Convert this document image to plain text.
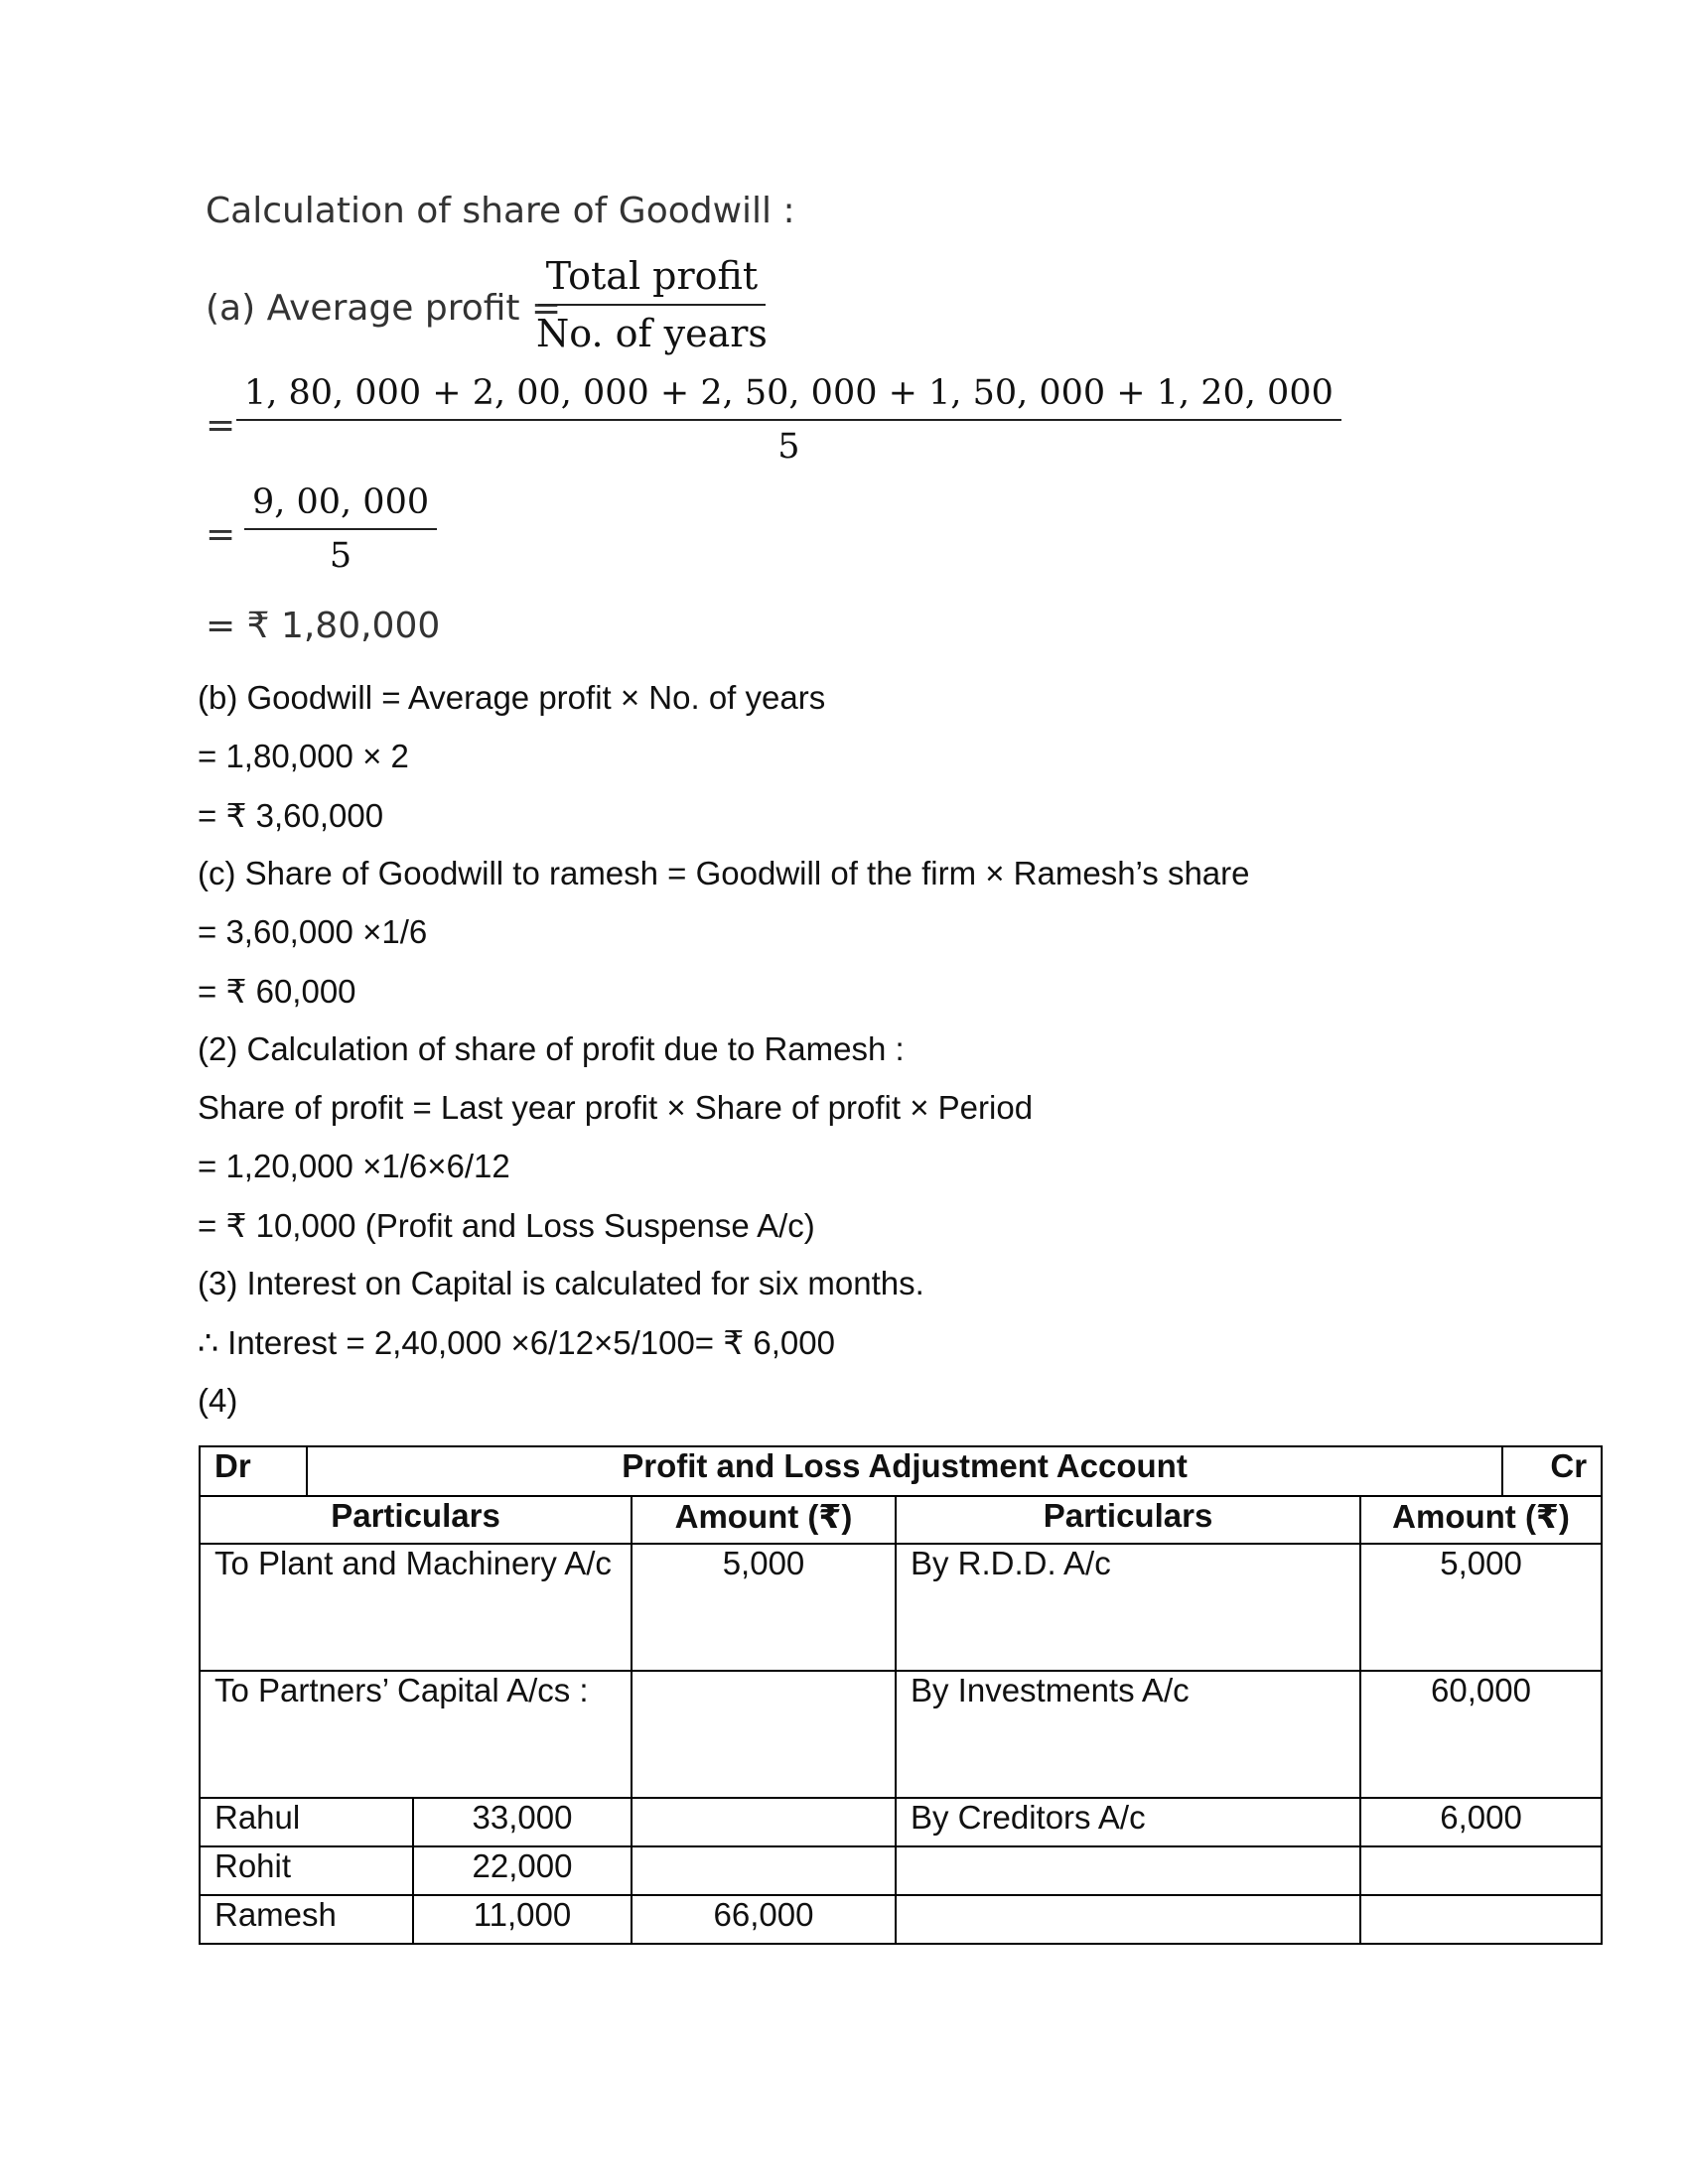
Calculation of share of Goodwill :
(a) Average profit =
Total profit
No. of years
=
1, 80, 000 + 2, 00, 000 + 2, 50, 000 + 1, 50, 000 + 1, 20, 000
5
= $\frac{9, 00, 000}{5}$
= ₹ 1,80,000
(b) Goodwill = Average profit × No. of years
= 1,80,000 × 2
= ₹ 3,60,000
(c) Share of Goodwill to ramesh = Goodwill of the firm × Ramesh’s share
= 3,60,000 ×1/6
= ₹ 60,000
(2) Calculation of share of profit due to Ramesh :
Share of profit = Last year profit × Share of profit × Period
= 1,20,000 ×1/6×6/12
= ₹ 10,000 (Profit and Loss Suspense A/c)
(3) Interest on Capital is calculated for six months.
∴ Interest = 2,40,000 ×6/12×5/100= ₹ 6,000
(4)
Dr	Profit and Loss Adjustment Account					Cr
Particulars			Amount (₹)	Particulars	Amount (₹)	
To Plant and Machinery A/c			5,000	By R.D.D. A/c	5,000	
To Partners’ Capital A/cs :				By Investments A/c	60,000	
Rahul		33,000		By Creditors A/c	6,000	
Rohit		22,000				
Ramesh		11,000	66,000			
